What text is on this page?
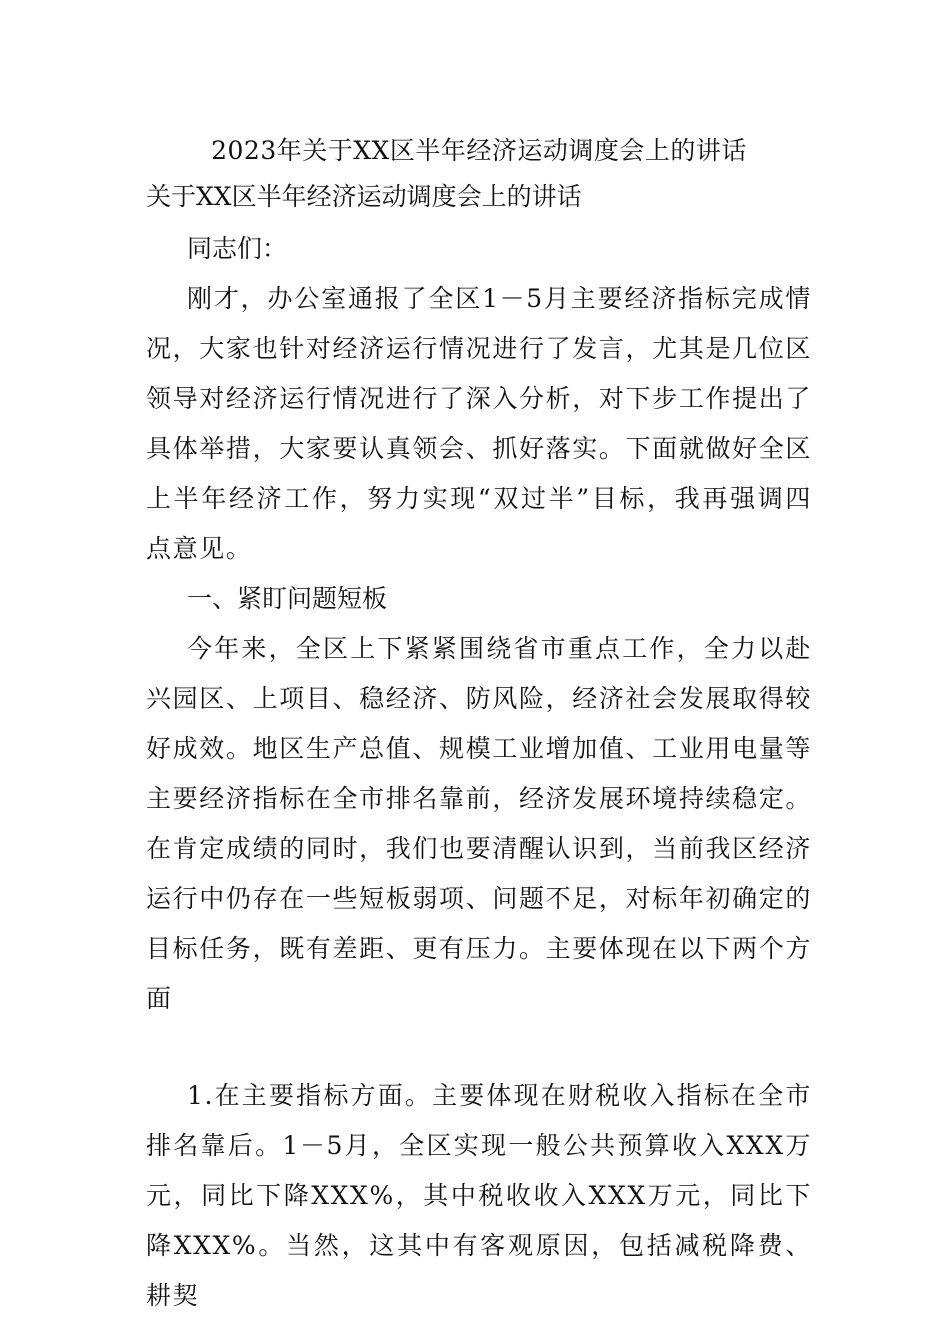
2023年关于XX区半年经济运动调度会上的讲话

关于XX区半年经济运动调度会上的讲话

同志们：

刚才，办公室通报了全区1－5月主要经济指标完成情况，大家也针对经济运行情况进行了发言，尤其是几位区领导对经济运行情况进行了深入分析，对下步工作提出了具体举措，大家要认真领会、抓好落实。下面就做好全区上半年经济工作，努力实现“双过半”目标，我再强调四点意见。

一、紧盯问题短板

今年来，全区上下紧紧围绕省市重点工作，全力以赴兴园区、上项目、稳经济、防风险，经济社会发展取得较好成效。地区生产总值、规模工业增加值、工业用电量等主要经济指标在全市排名靠前，经济发展环境持续稳定。在肯定成绩的同时，我们也要清醒认识到，当前我区经济运行中仍存在一些短板弱项、问题不足，对标年初确定的目标任务，既有差距、更有压力。主要体现在以下两个方面

1.在主要指标方面。主要体现在财税收入指标在全市排名靠后。1－5月，全区实现一般公共预算收入XXX万元，同比下降XXX%，其中税收收入XXX万元，同比下降XXX%。当然，这其中有客观原因，包括减税降费、耕契
